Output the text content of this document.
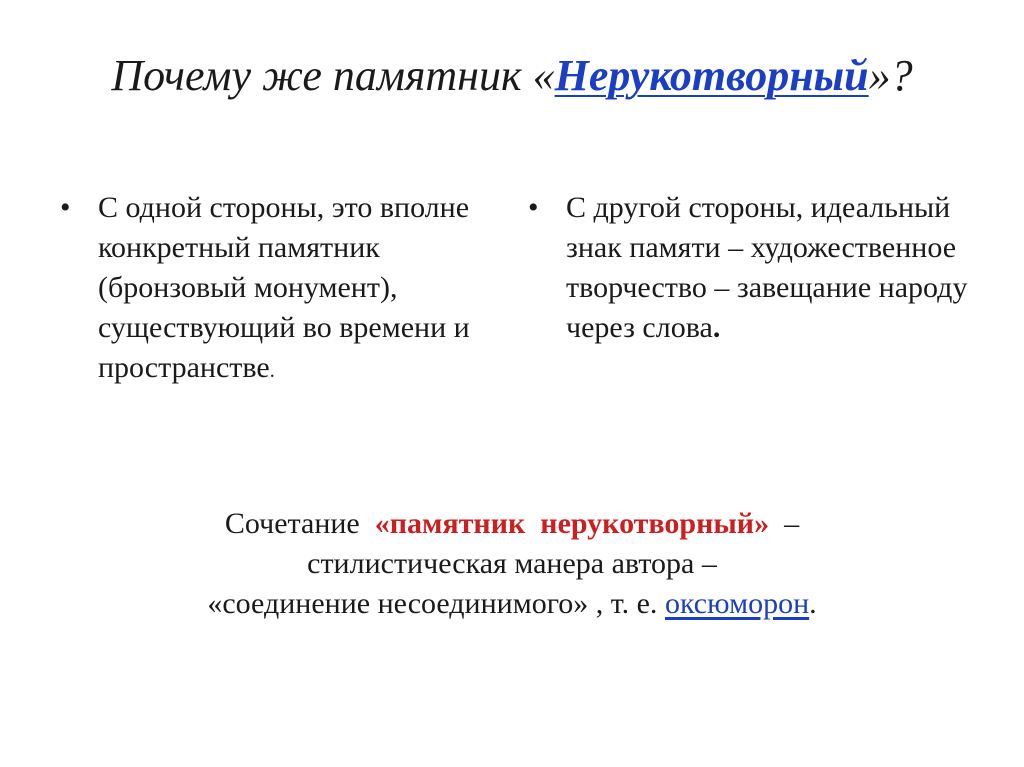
Почему же памятник «Нерукотворный»?
• С одной стороны, это вполне конкретный памятник (бронзовый монумент), существующий во времени и пространстве.
• С другой стороны, идеальный знак памяти – художественное творчество – завещание народу через слова.
Сочетание  «памятник  нерукотворный»  –
стилистическая манера автора –
«соединение несоединимого» , т. е. оксюморон.
